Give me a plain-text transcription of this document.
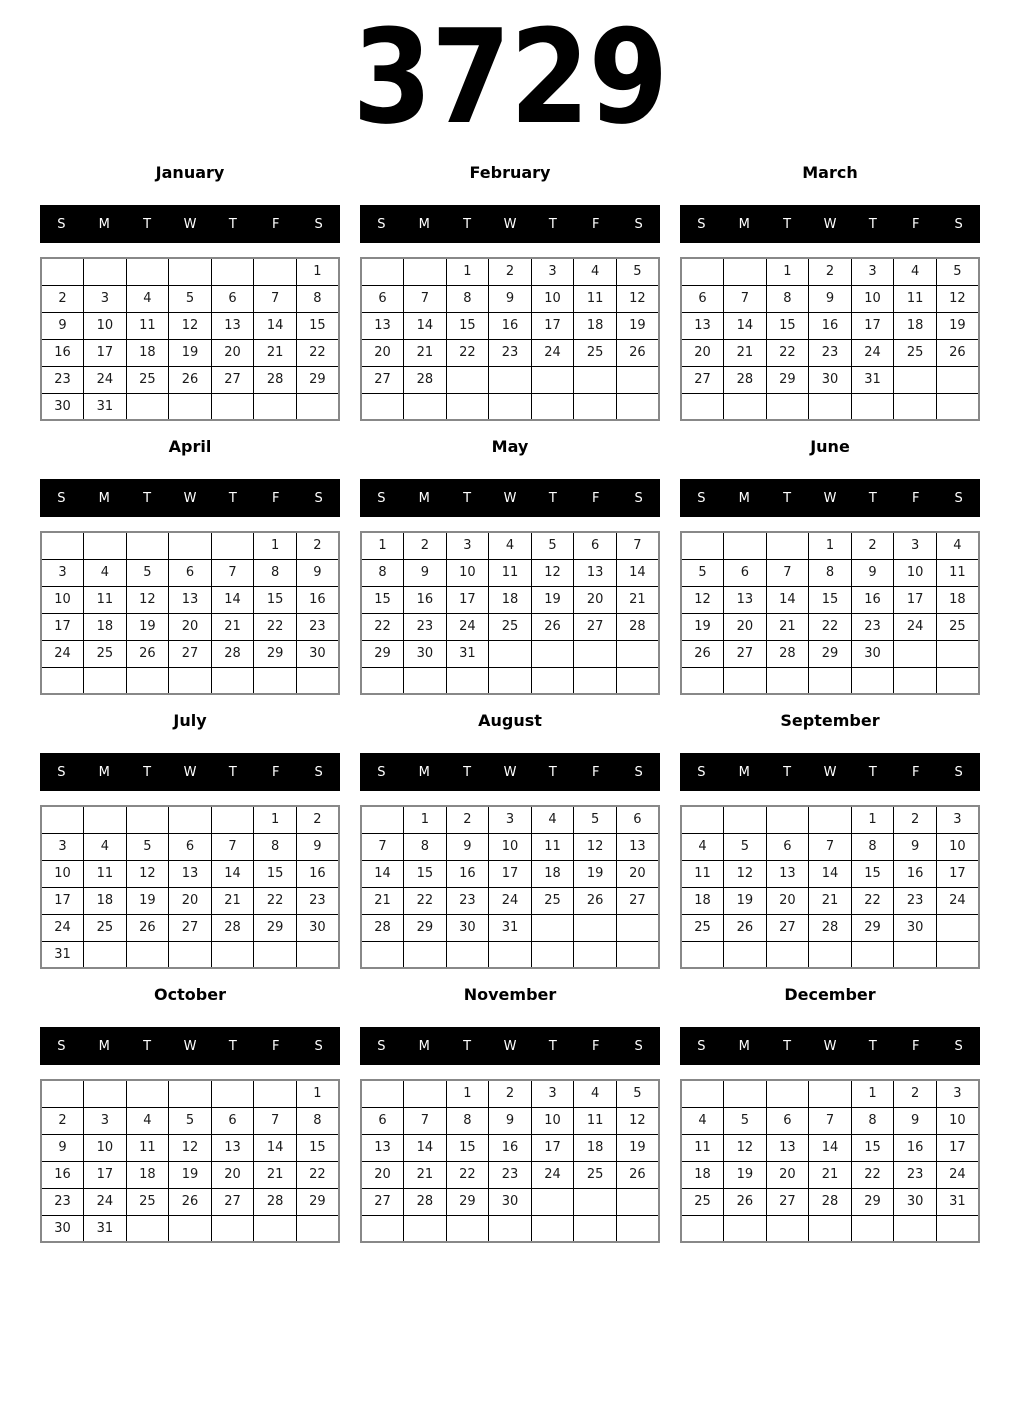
3729
January
S	M	T	W	T	F	S
						1
2	3	4	5	6	7	8
9	10	11	12	13	14	15
16	17	18	19	20	21	22
23	24	25	26	27	28	29
30	31					
February
S	M	T	W	T	F	S
		1	2	3	4	5
6	7	8	9	10	11	12
13	14	15	16	17	18	19
20	21	22	23	24	25	26
27	28					

March
S	M	T	W	T	F	S
		1	2	3	4	5
6	7	8	9	10	11	12
13	14	15	16	17	18	19
20	21	22	23	24	25	26
27	28	29	30	31		

April
S	M	T	W	T	F	S
					1	2
3	4	5	6	7	8	9
10	11	12	13	14	15	16
17	18	19	20	21	22	23
24	25	26	27	28	29	30

May
S	M	T	W	T	F	S
1	2	3	4	5	6	7
8	9	10	11	12	13	14
15	16	17	18	19	20	21
22	23	24	25	26	27	28
29	30	31				

June
S	M	T	W	T	F	S
			1	2	3	4
5	6	7	8	9	10	11
12	13	14	15	16	17	18
19	20	21	22	23	24	25
26	27	28	29	30		

July
S	M	T	W	T	F	S
					1	2
3	4	5	6	7	8	9
10	11	12	13	14	15	16
17	18	19	20	21	22	23
24	25	26	27	28	29	30
31						
August
S	M	T	W	T	F	S
	1	2	3	4	5	6
7	8	9	10	11	12	13
14	15	16	17	18	19	20
21	22	23	24	25	26	27
28	29	30	31			

September
S	M	T	W	T	F	S
				1	2	3
4	5	6	7	8	9	10
11	12	13	14	15	16	17
18	19	20	21	22	23	24
25	26	27	28	29	30	

October
S	M	T	W	T	F	S
						1
2	3	4	5	6	7	8
9	10	11	12	13	14	15
16	17	18	19	20	21	22
23	24	25	26	27	28	29
30	31					
November
S	M	T	W	T	F	S
		1	2	3	4	5
6	7	8	9	10	11	12
13	14	15	16	17	18	19
20	21	22	23	24	25	26
27	28	29	30			

December
S	M	T	W	T	F	S
				1	2	3
4	5	6	7	8	9	10
11	12	13	14	15	16	17
18	19	20	21	22	23	24
25	26	27	28	29	30	31
